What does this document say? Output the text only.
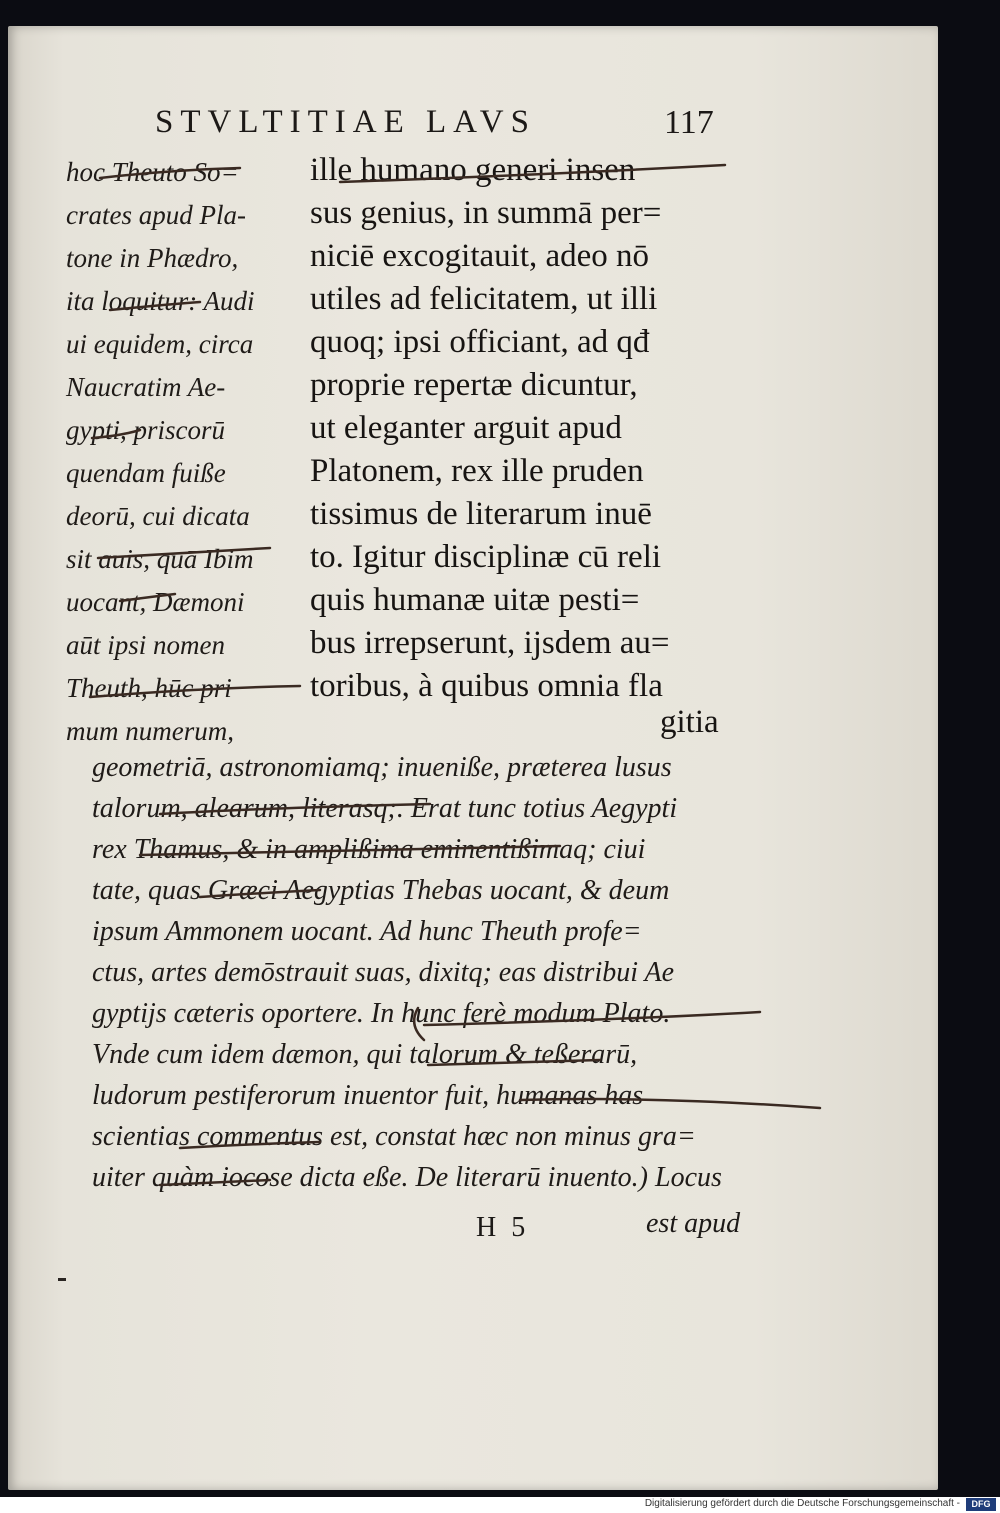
STVLTITIAE LAVS	117
hoc Theuto So=
crates apud Pla-
tone in Phædro,
ita loquitur: Audi
ui equidem, circa
Naucratim Ae-
gypti, priscorū
quendam fuiße
deorū, cui dicata
sit auis, quā Ibim
uocant, Dæmoni
aūt ipsi nomen
Theuth, hūc pri
mum numerum,
ille humano generi insen
sus genius, in summā per=
niciē excogitauit, adeo nō
utiles ad felicitatem, ut illi
quoq; ipsi officiant, ad qđ
proprie repertæ dicuntur,
ut eleganter arguit apud
Platonem, rex ille pruden
tissimus de literarum inuē
to. Igitur disciplinæ cū reli
quis humanæ uitæ pesti=
bus irrepserunt, ijsdem au=
toribus, à quibus omnia fla
gitia
geometriā, astronomiamq; inueniße, præterea lusus
talorum, alearum, literasq;. Erat tunc totius Aegypti
rex Thamus, & in amplißima eminentißimaq; ciui
tate, quas Græci Aegyptias Thebas uocant, & deum
ipsum Ammonem uocant. Ad hunc Theuth profe=
ctus, artes demōstrauit suas, dixitq; eas distribui Ae
gyptijs cæteris oportere. In hunc ferè modum Plato.
Vnde cum idem dæmon, qui talorum & teßerarū,
ludorum pestiferorum inuentor fuit, humanas has
scientias commentus est, constat hæc non minus gra=
uiter quàm iocose dicta eße. De literarū inuento.) Locus
H 5	est apud
Digitalisierung gefördert durch die Deutsche Forschungsgemeinschaft -	DFG
